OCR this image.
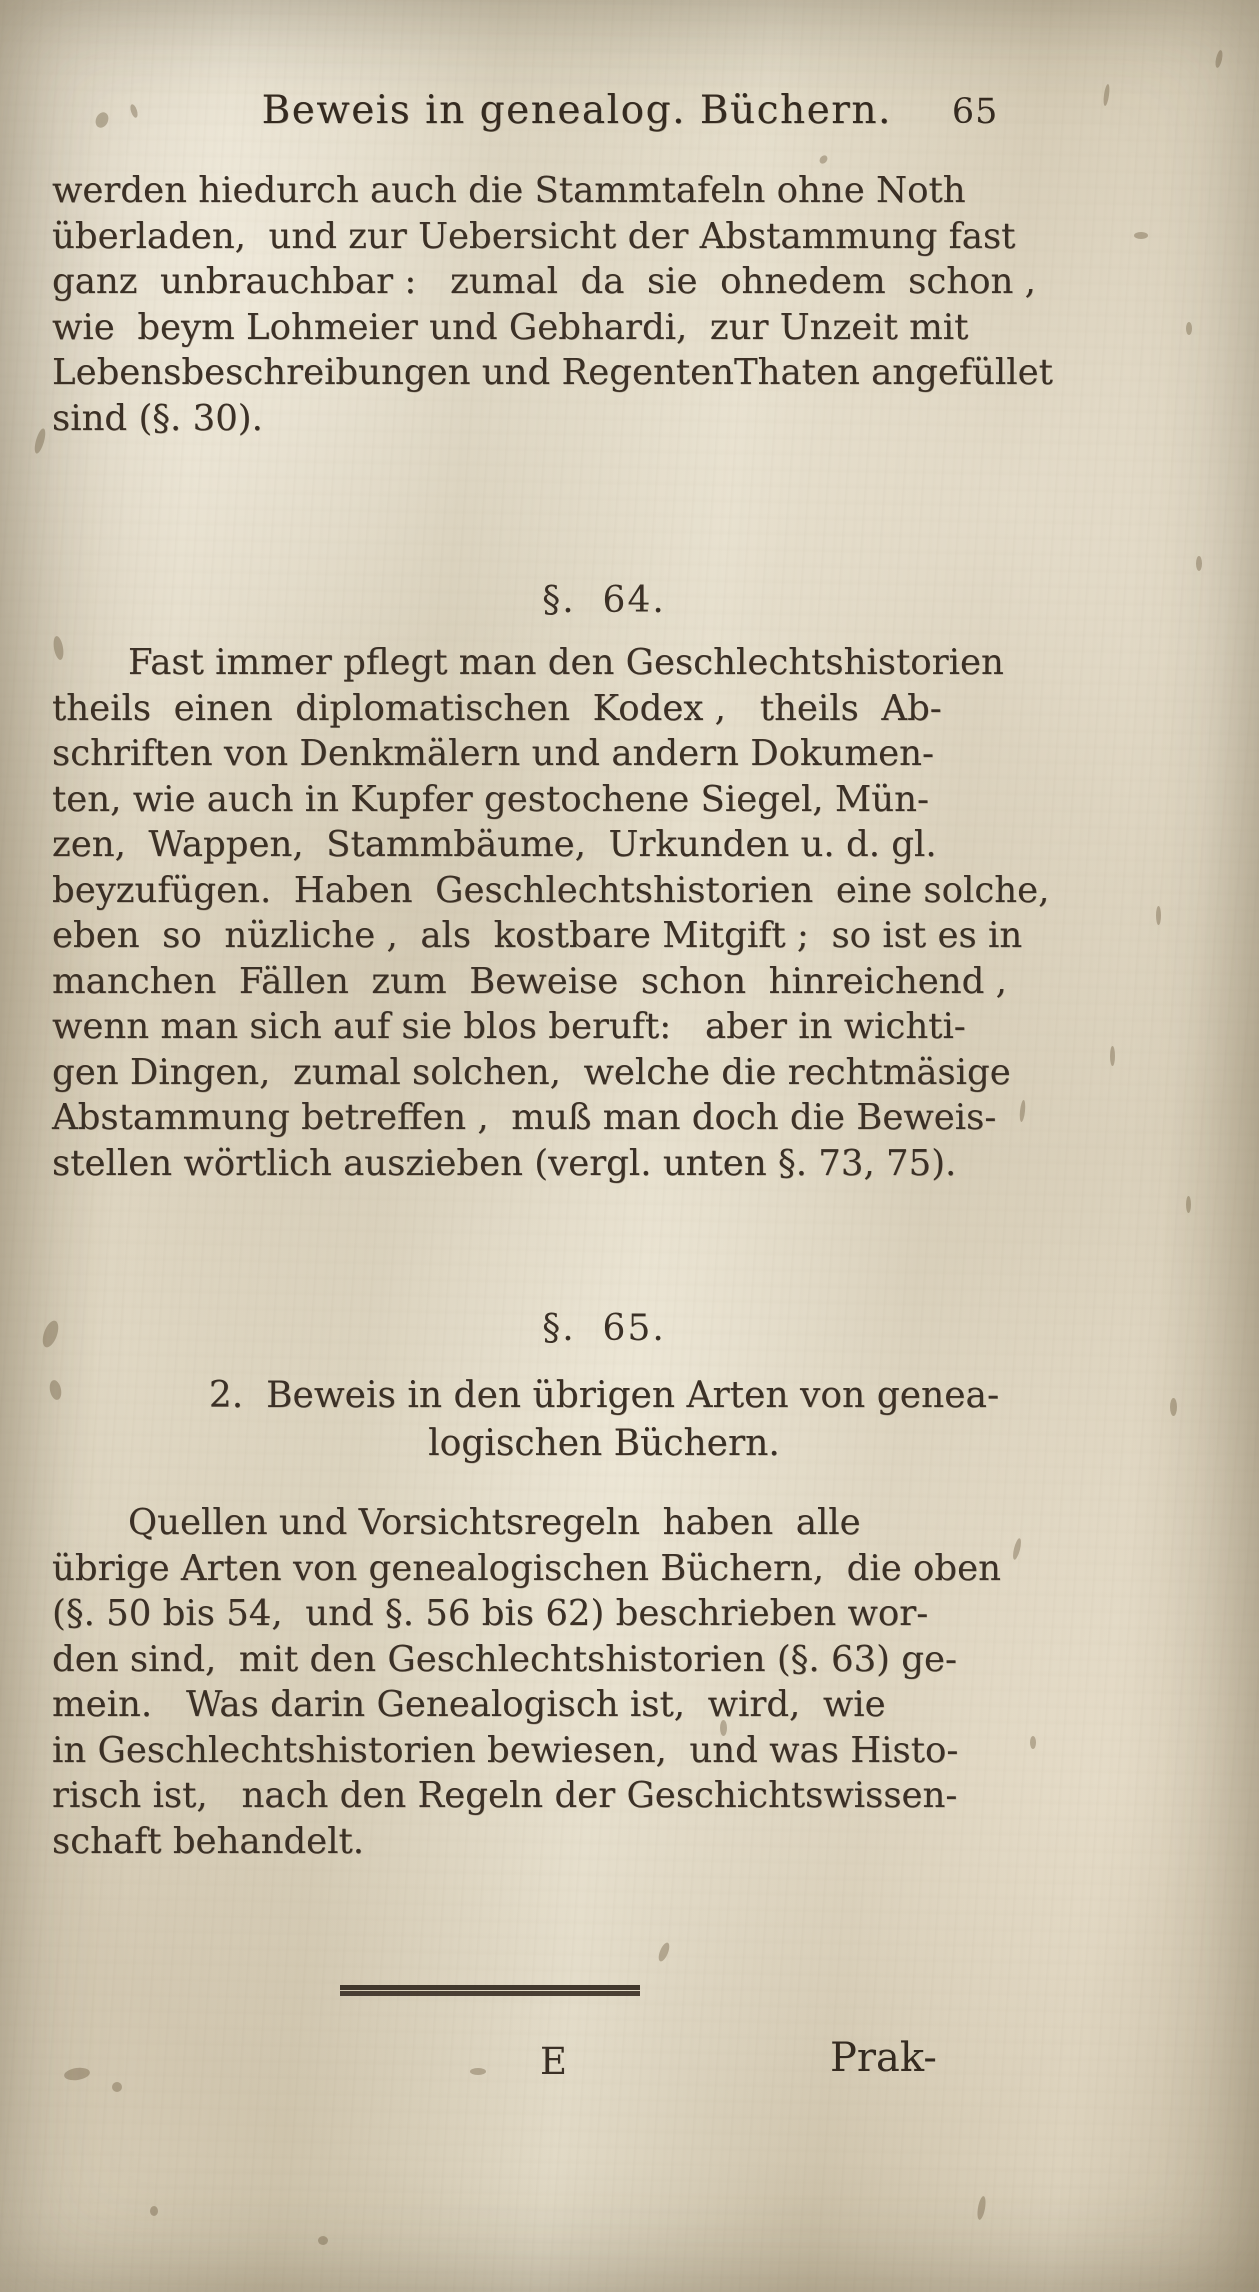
Beweis in genealog. Büchern. 65
werden hiedurch auch die Stammtafeln ohne Noth
überladen,  und zur Uebersicht der Abstammung fast
ganz  unbrauchbar :   zumal  da  sie  ohnedem  schon ,
wie  beym Lohmeier und Gebhardi,  zur Unzeit mit
Lebensbeschreibungen und RegentenThaten angefüllet
sind (§. 30).
§.  64.
Fast immer pflegt man den Geschlechtshistorien
theils  einen  diplomatischen  Kodex ,   theils  Ab-
schriften von Denkmälern und andern Dokumen-
ten, wie auch in Kupfer gestochene Siegel, Mün-
zen,  Wappen,  Stammbäume,  Urkunden u. d. gl.
beyzufügen.  Haben  Geschlechtshistorien  eine solche,
eben  so  nüzliche ,  als  kostbare Mitgift ;  so ist es in
manchen  Fällen  zum  Beweise  schon  hinreichend ,
wenn man sich auf sie blos beruft:   aber in wichti-
gen Dingen,  zumal solchen,  welche die rechtmäsige
Abstammung betreffen ,  muß man doch die Beweis-
stellen wörtlich auszieben (vergl. unten §. 73, 75).
§.  65.
2.  Beweis in den übrigen Arten von genea-
logischen Büchern.
Quellen und Vorsichtsregeln  haben  alle
übrige Arten von genealogischen Büchern,  die oben
(§. 50 bis 54,  und §. 56 bis 62) beschrieben wor-
den sind,  mit den Geschlechtshistorien (§. 63) ge-
mein.   Was darin Genealogisch ist,  wird,  wie
in Geschlechtshistorien bewiesen,  und was Histo-
risch ist,   nach den Regeln der Geschichtswissen-
schaft behandelt.
E	Prak-
